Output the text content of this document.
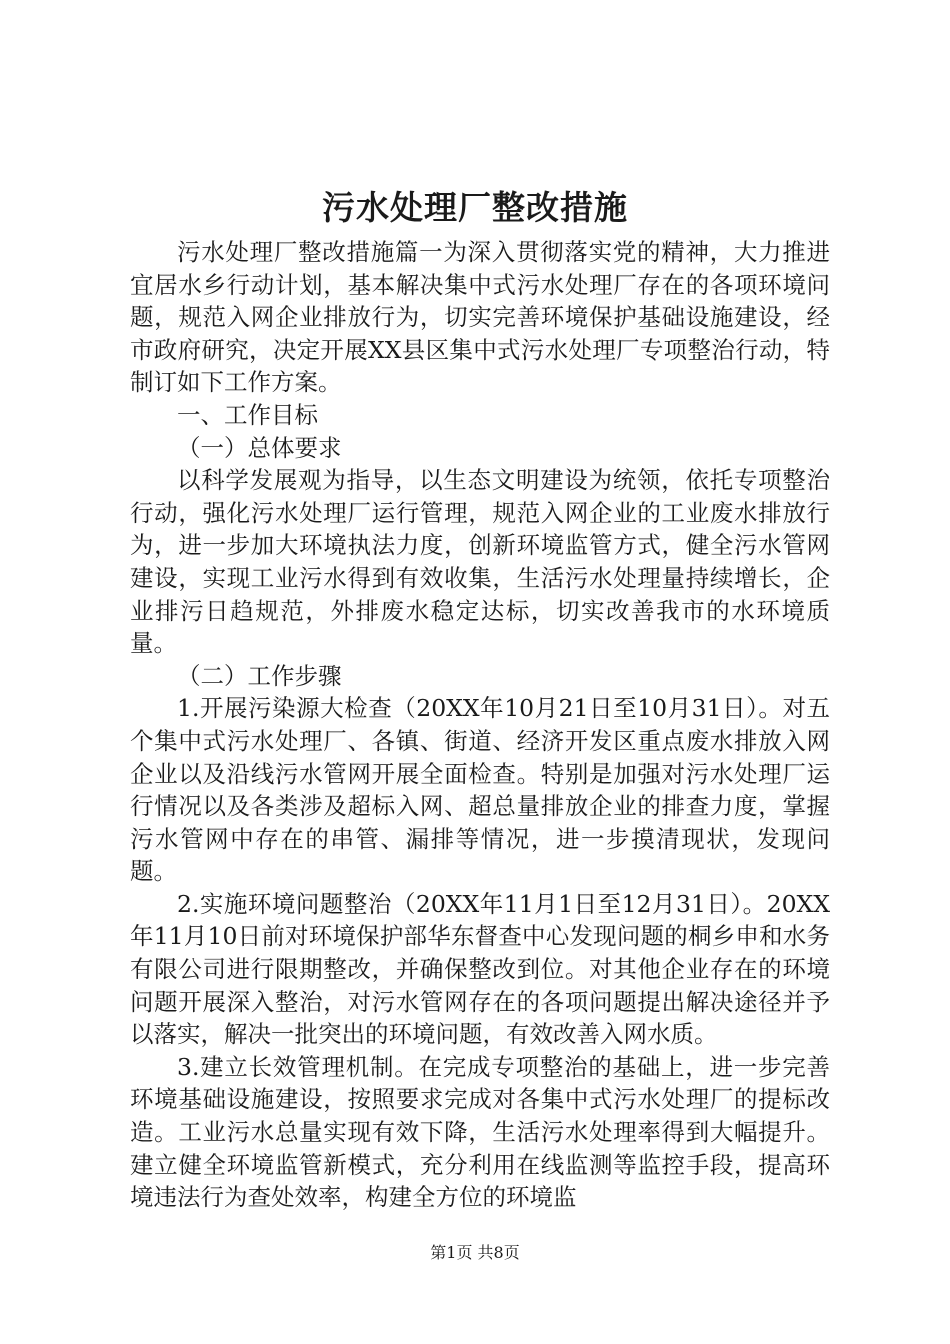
污水处理厂整改措施

污水处理厂整改措施篇一为深入贯彻落实党的精神，大力推进宜居水乡行动计划，基本解决集中式污水处理厂存在的各项环境问题，规范入网企业排放行为，切实完善环境保护基础设施建设，经市政府研究，决定开展XX县区集中式污水处理厂专项整治行动，特制订如下工作方案。

一、工作目标

（一）总体要求

以科学发展观为指导，以生态文明建设为统领，依托专项整治行动，强化污水处理厂运行管理，规范入网企业的工业废水排放行为，进一步加大环境执法力度，创新环境监管方式，健全污水管网建设，实现工业污水得到有效收集，生活污水处理量持续增长，企业排污日趋规范，外排废水稳定达标，切实改善我市的水环境质量。

（二）工作步骤

1.开展污染源大检查（20XX年10月21日至10月31日）。对五个集中式污水处理厂、各镇、街道、经济开发区重点废水排放入网企业以及沿线污水管网开展全面检查。特别是加强对污水处理厂运行情况以及各类涉及超标入网、超总量排放企业的排查力度，掌握污水管网中存在的串管、漏排等情况，进一步摸清现状，发现问题。

2.实施环境问题整治（20XX年11月1日至12月31日）。20XX年11月10日前对环境保护部华东督查中心发现问题的桐乡申和水务有限公司进行限期整改，并确保整改到位。对其他企业存在的环境问题开展深入整治，对污水管网存在的各项问题提出解决途径并予以落实，解决一批突出的环境问题，有效改善入网水质。

3.建立长效管理机制。在完成专项整治的基础上，进一步完善环境基础设施建设，按照要求完成对各集中式污水处理厂的提标改造。工业污水总量实现有效下降，生活污水处理率得到大幅提升。建立健全环境监管新模式，充分利用在线监测等监控手段，提高环境违法行为查处效率，构建全方位的环境监

第1页 共8页
